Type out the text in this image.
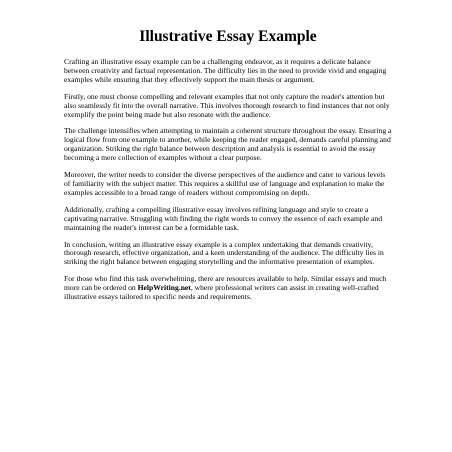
Illustrative Essay Example

Crafting an illustrative essay example can be a challenging endeavor, as it requires a delicate balance between creativity and factual representation. The difficulty lies in the need to provide vivid and engaging examples while ensuring that they effectively support the main thesis or argument.

Firstly, one must choose compelling and relevant examples that not only capture the reader's attention but also seamlessly fit into the overall narrative. This involves thorough research to find instances that not only exemplify the point being made but also resonate with the audience.

The challenge intensifies when attempting to maintain a coherent structure throughout the essay. Ensuring a logical flow from one example to another, while keeping the reader engaged, demands careful planning and organization. Striking the right balance between description and analysis is essential to avoid the essay becoming a mere collection of examples without a clear purpose.

Moreover, the writer needs to consider the diverse perspectives of the audience and cater to various levels of familiarity with the subject matter. This requires a skillful use of language and explanation to make the examples accessible to a broad range of readers without compromising on depth.

Additionally, crafting a compelling illustrative essay involves refining language and style to create a captivating narrative. Struggling with finding the right words to convey the essence of each example and maintaining the reader's interest can be a formidable task.

In conclusion, writing an illustrative essay example is a complex undertaking that demands creativity, thorough research, effective organization, and a keen understanding of the audience. The difficulty lies in striking the right balance between engaging storytelling and the informative presentation of examples.

For those who find this task overwhelming, there are resources available to help. Similar essays and much more can be ordered on HelpWriting.net, where professional writers can assist in creating well-crafted illustrative essays tailored to specific needs and requirements.
